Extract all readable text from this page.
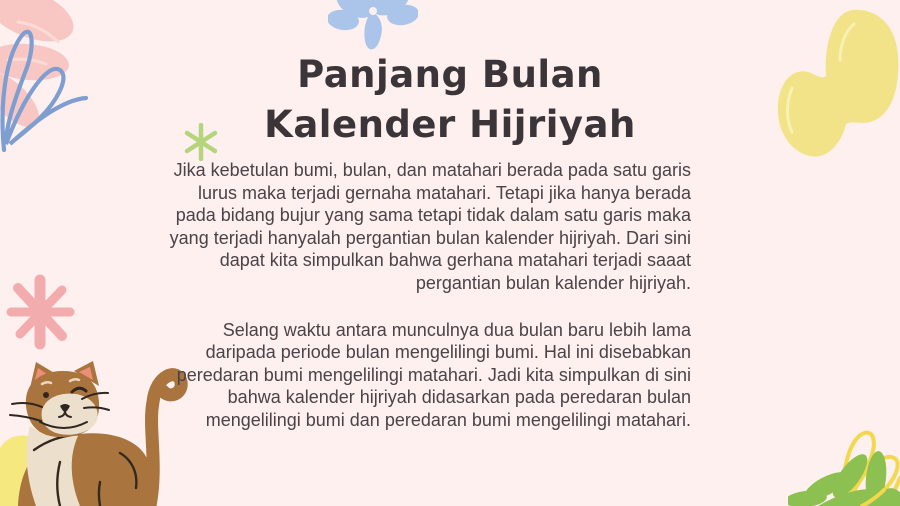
Panjang Bulan
Kalender Hijriyah
Jika kebetulan bumi, bulan, dan matahari berada pada satu garis
lurus maka terjadi gernaha matahari. Tetapi jika hanya berada
pada bidang bujur yang sama tetapi tidak dalam satu garis maka
yang terjadi hanyalah pergantian bulan kalender hijriyah. Dari sini
dapat kita simpulkan bahwa gerhana matahari terjadi saaat
pergantian bulan kalender hijriyah.
Selang waktu antara munculnya dua bulan baru lebih lama
daripada periode bulan mengelilingi bumi. Hal ini disebabkan
peredaran bumi mengelilingi matahari. Jadi kita simpulkan di sini
bahwa kalender hijriyah didasarkan pada peredaran bulan
mengelilingi bumi dan peredaran bumi mengelilingi matahari.
